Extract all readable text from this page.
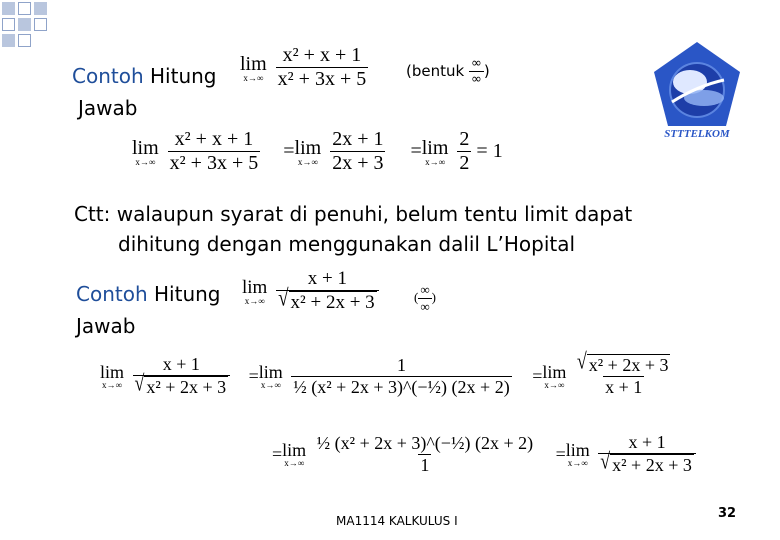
Contoh Hitung
Jawab
lim
x→∞
$\frac{\text{x² + x + 1}}{\text{x² + 3x + 5}}$	(bentuk $\frac{\infty}{\infty}$ )
STTTELKOM
lim
x→∞
$\frac{\text{x² + x + 1}}{\text{x² + 3x + 5}} = \lim$
x→∞
$\frac{2x + 1}{2x + 3} = \lim$
x→∞
$\frac{2}{2} = 1$
Ctt: walaupun syarat di penuhi, belum tentu limit dapat
dihitung dengan menggunakan dalil L’Hopital
Contoh Hitung
Jawab
lim
x→∞
$\frac{x + 1}{\text{√ x² + 2x + 3}}$	( $\frac{\infty}{\infty}$ )
lim
x→∞
$\frac{x + 1}{\text{√ x² + 2x + 3}} = \lim$
x→∞
$\frac{1}{\text{½ (x² + 2x + 3)\textasciicircum{}(−½) (2x + 2)}} = \lim$
x→∞
$\frac{\text{√ x² + 2x + 3}}{x + 1}$
= lim
x→∞
$\frac{\text{½ (x² + 2x + 3)\textasciicircum{}(−½) (2x + 2)}}{1} = \lim$
x→∞
$\frac{x + 1}{\text{√ x² + 2x + 3}}$
MA1114 KALKULUS I	32
